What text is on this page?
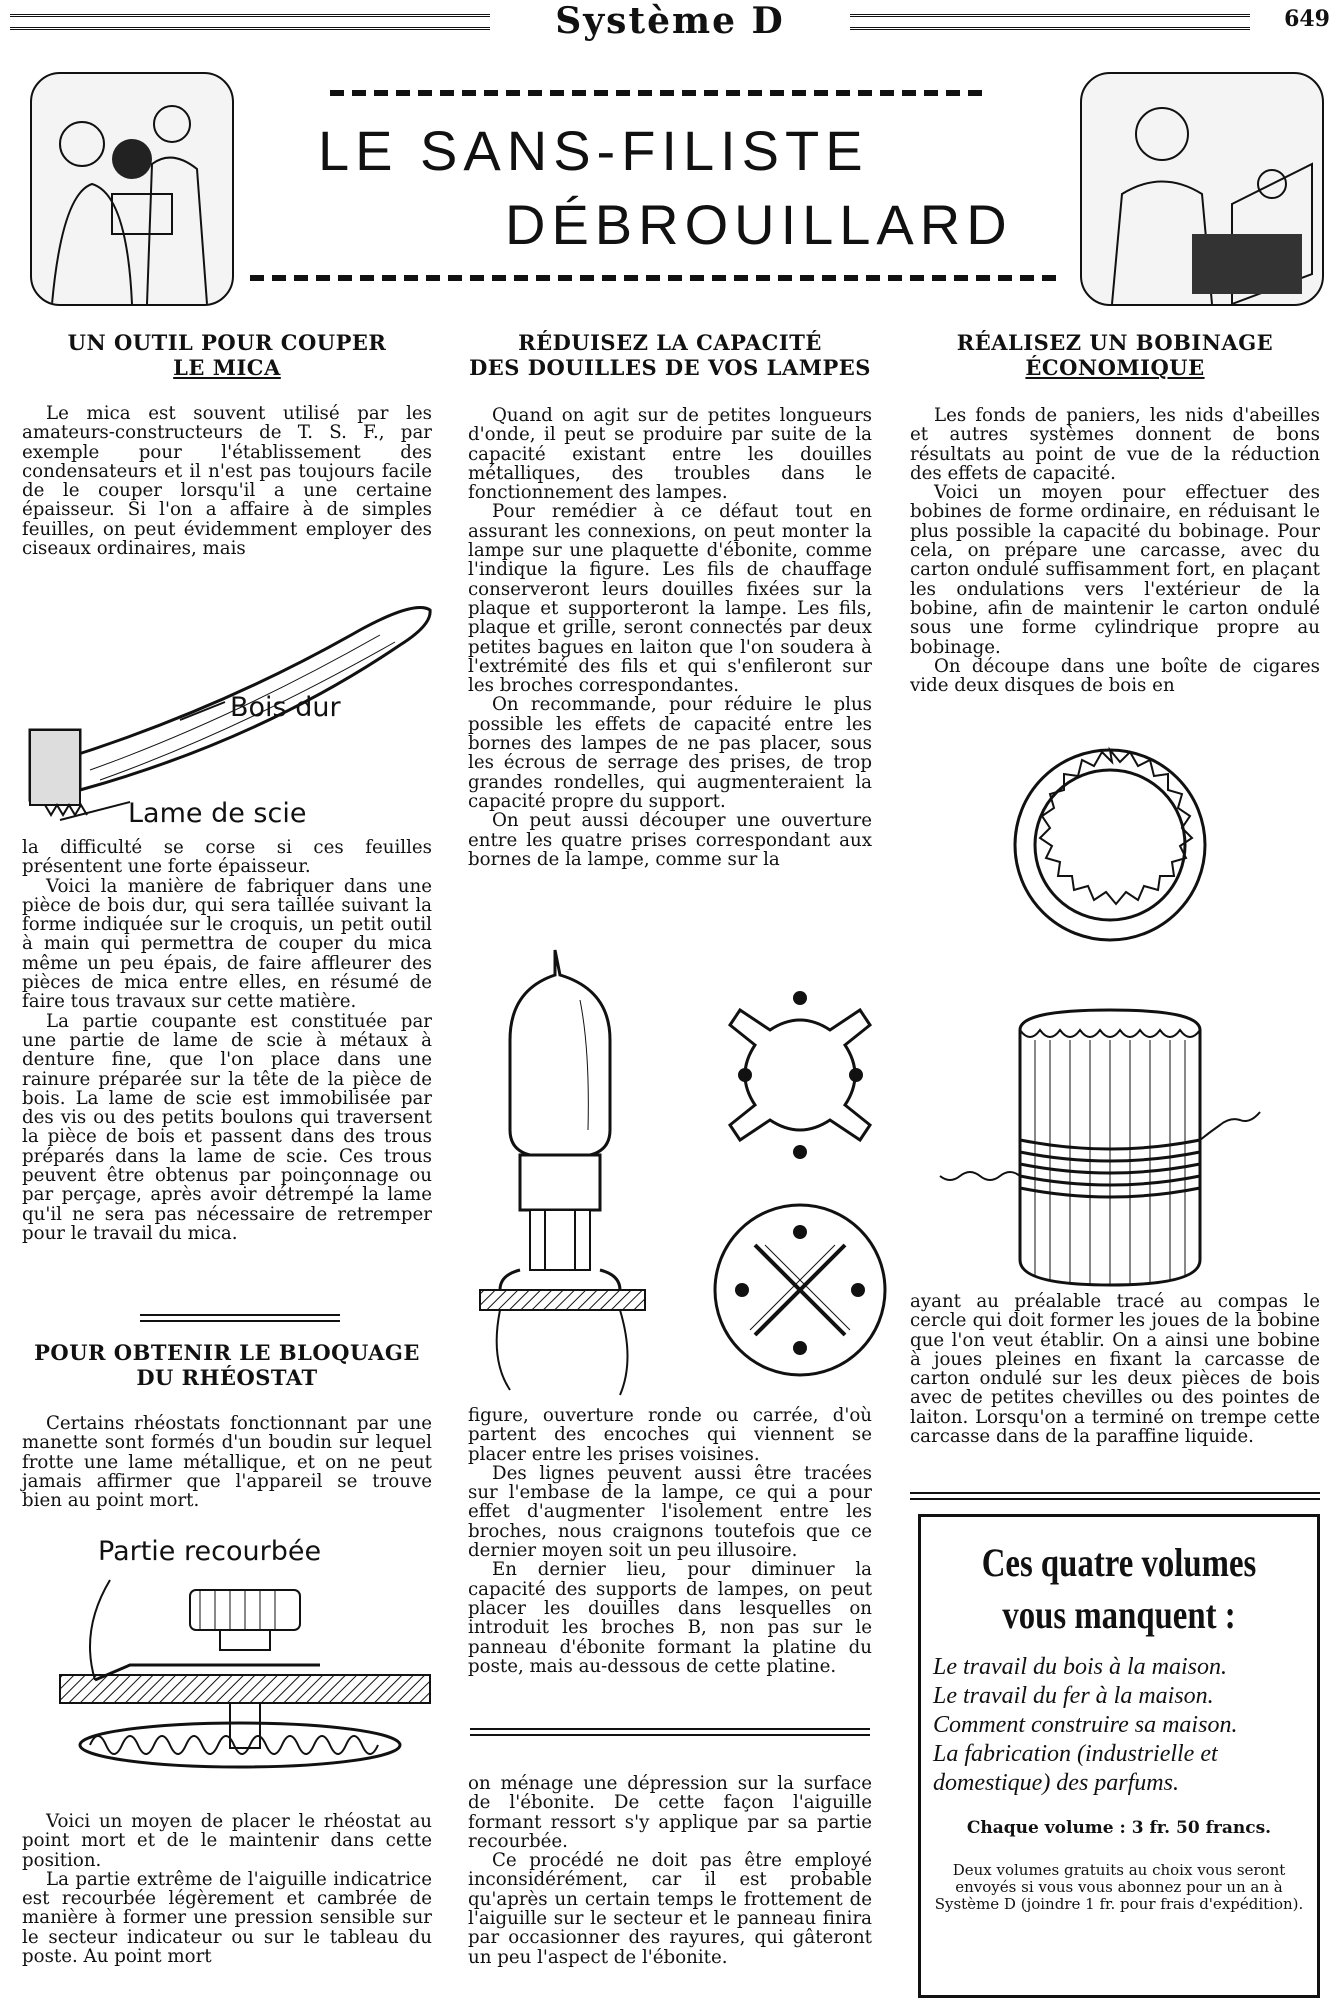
Système D	649
LE SANS-FILISTE
DÉBROUILLARD
UN OUTIL POUR COUPER
LE MICA

Le mica est souvent utilisé par les amateurs-constructeurs de T. S. F., par exemple pour l'établissement des condensateurs et il n'est pas toujours facile de le couper lorsqu'il a une certaine épaisseur. Si l'on a affaire à de simples feuilles, on peut évidemment employer des ciseaux ordinaires, mais

Bois dur
Lame de scie

la difficulté se corse si ces feuilles présentent une forte épaisseur.

Voici la manière de fabriquer dans une pièce de bois dur, qui sera taillée suivant la forme indiquée sur le croquis, un petit outil à main qui permettra de couper du mica même un peu épais, de faire affleurer des pièces de mica entre elles, en résumé de faire tous travaux sur cette matière.

La partie coupante est constituée par une partie de lame de scie à métaux à denture fine, que l'on place dans une rainure préparée sur la tête de la pièce de bois. La lame de scie est immobilisée par des vis ou des petits boulons qui traversent la pièce de bois et passent dans des trous préparés dans la lame de scie. Ces trous peuvent être obtenus par poinçonnage ou par perçage, après avoir détrempé la lame qu'il ne sera pas nécessaire de retremper pour le travail du mica.

POUR OBTENIR LE BLOQUAGE
DU RHÉOSTAT

Certains rhéostats fonctionnant par une manette sont formés d'un boudin sur lequel frotte une lame métallique, et on ne peut jamais affirmer que l'appareil se trouve bien au point mort.

Partie recourbée

Voici un moyen de placer le rhéostat au point mort et de le maintenir dans cette position.

La partie extrême de l'aiguille indicatrice est recourbée légèrement et cambrée de manière à former une pression sensible sur le secteur indicateur ou sur le tableau du poste. Au point mort

RÉDUISEZ LA CAPACITÉ
DES DOUILLES DE VOS LAMPES

Quand on agit sur de petites longueurs d'onde, il peut se produire par suite de la capacité existant entre les douilles métalliques, des troubles dans le fonctionnement des lampes.

Pour remédier à ce défaut tout en assurant les connexions, on peut monter la lampe sur une plaquette d'ébonite, comme l'indique la figure. Les fils de chauffage conserveront leurs douilles fixées sur la plaque et supporteront la lampe. Les fils, plaque et grille, seront connectés par deux petites bagues en laiton que l'on soudera à l'extrémité des fils et qui s'enfileront sur les broches correspondantes.

On recommande, pour réduire le plus possible les effets de capacité entre les bornes des lampes de ne pas placer, sous les écrous de serrage des prises, de trop grandes rondelles, qui augmenteraient la capacité propre du support.

On peut aussi découper une ouverture entre les quatre prises correspondant aux bornes de la lampe, comme sur la

figure, ouverture ronde ou carrée, d'où partent des encoches qui viennent se placer entre les prises voisines.

Des lignes peuvent aussi être tracées sur l'embase de la lampe, ce qui a pour effet d'augmenter l'isolement entre les broches, nous craignons toutefois que ce dernier moyen soit un peu illusoire.

En dernier lieu, pour diminuer la capacité des supports de lampes, on peut placer les douilles dans lesquelles on introduit les broches B, non pas sur le panneau d'ébonite formant la platine du poste, mais au-dessous de cette platine.

on ménage une dépression sur la surface de l'ébonite. De cette façon l'aiguille formant ressort s'y applique par sa partie recourbée.

Ce procédé ne doit pas être employé inconsidérément, car il est probable qu'après un certain temps le frottement de l'aiguille sur le secteur et le panneau finira par occasionner des rayures, qui gâteront un peu l'aspect de l'ébonite.

RÉALISEZ UN BOBINAGE
ÉCONOMIQUE

Les fonds de paniers, les nids d'abeilles et autres systèmes donnent de bons résultats au point de vue de la réduction des effets de capacité.

Voici un moyen pour effectuer des bobines de forme ordinaire, en réduisant le plus possible la capacité du bobinage. Pour cela, on prépare une carcasse, avec du carton ondulé suffisamment fort, en plaçant les ondulations vers l'extérieur de la bobine, afin de maintenir le carton ondulé sous une forme cylindrique propre au bobinage.

On découpe dans une boîte de cigares vide deux disques de bois en

ayant au préalable tracé au compas le cercle qui doit former les joues de la bobine que l'on veut établir. On a ainsi une bobine à joues pleines en fixant la carcasse de carton ondulé sur les deux pièces de bois avec de petites chevilles ou des pointes de laiton. Lorsqu'on a terminé on trempe cette carcasse dans de la paraffine liquide.

Ces quatre volumes
vous manquent :
Le travail du bois à la maison.
Le travail du fer à la maison.
Comment construire sa maison.
La fabrication (industrielle et domestique) des parfums.
Chaque volume : 3 fr. 50 francs.
Deux volumes gratuits au choix vous seront envoyés si vous vous abonnez pour un an à Système D (joindre 1 fr. pour frais d'expédition).
